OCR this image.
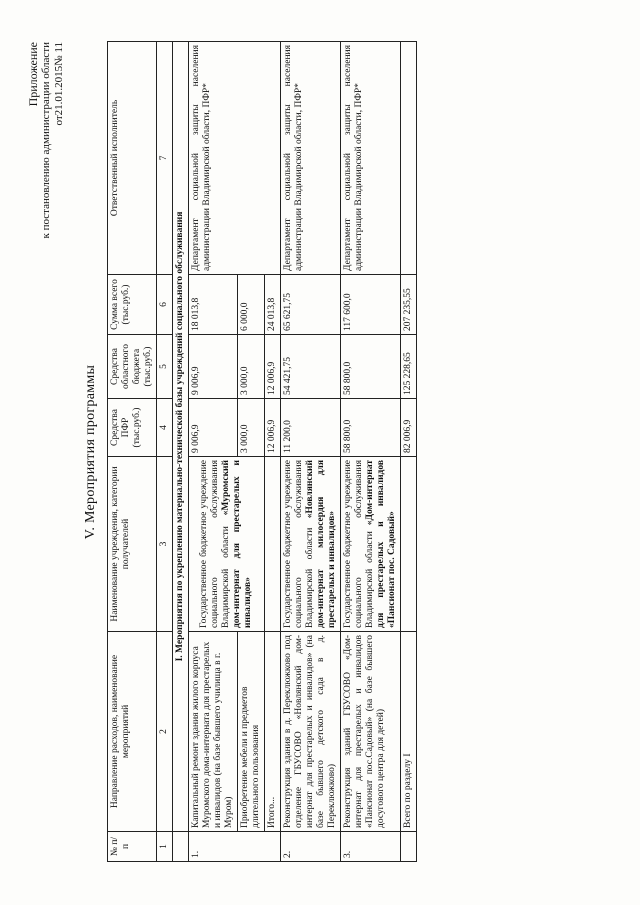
Приложение к постановлению администрации области от21.01.2015№ 11
V. Мероприятия программы
№ п/п	Направление расходов, наименование мероприятий	Наименование учреждения, категории получателей	Средства ПФР (тыс.руб.)	Средства областного бюджета (тыс.руб.)	Сумма всего (тыс.руб.)	Ответственный исполнитель
1	2	3	4	5	6	7
	I. Мероприятия по укреплению материально-технической базы учреждений социального обслуживания					
1.	Капитальный ремонт здания жилого корпуса Муромского дома-интерната для престарелых и инвалидов (на базе бывшего училища в г. Муром)	Государственное бюджетное учреждение социального обслуживания Владимирской области «Муромский дом-интернат для престарелых и инвалидов»	9 006,9	9 006,9	18 013,8	Департамент социальной защиты населения администрации Владимирской области, ПФР*
	Приобретение мебели и предметов длительного пользования		3 000,0	3 000,0	6 000,0	
	Итого...		12 006,9	12 006,9	24 013,8	
2.	Реконструкция здания в д. Переклюжково под отделение ГБУСОВО «Новлянский дом-интернат для престарелых и инвалидов» (на базе бывшего детского сада в д. Переклюжково)	Государственное бюджетное учреждение социального обслуживания Владимирской области «Новлянский дом-интернат милосердия для престарелых и инвалидов»	11 200,0	54 421,75	65 621,75	Департамент социальной защиты населения администрации Владимирской области, ПФР*
3.	Реконструкция зданий ГБУСОВО «Дом-интернат для престарелых и инвалидов «Пансионат пос.Садовый» (на базе бывшего досугового центра для детей)	Государственное бюджетное учреждение социального обслуживания Владимирской области «Дом-интернат для престарелых и инвалидов «Пансионат пос. Садовый»	58 800,0	58 800,0	117 600,0	Департамент социальной защиты населения администрации Владимирской области, ПФР*
	Всего по разделу I		82 006,9	125 228,65	207 235,55	
